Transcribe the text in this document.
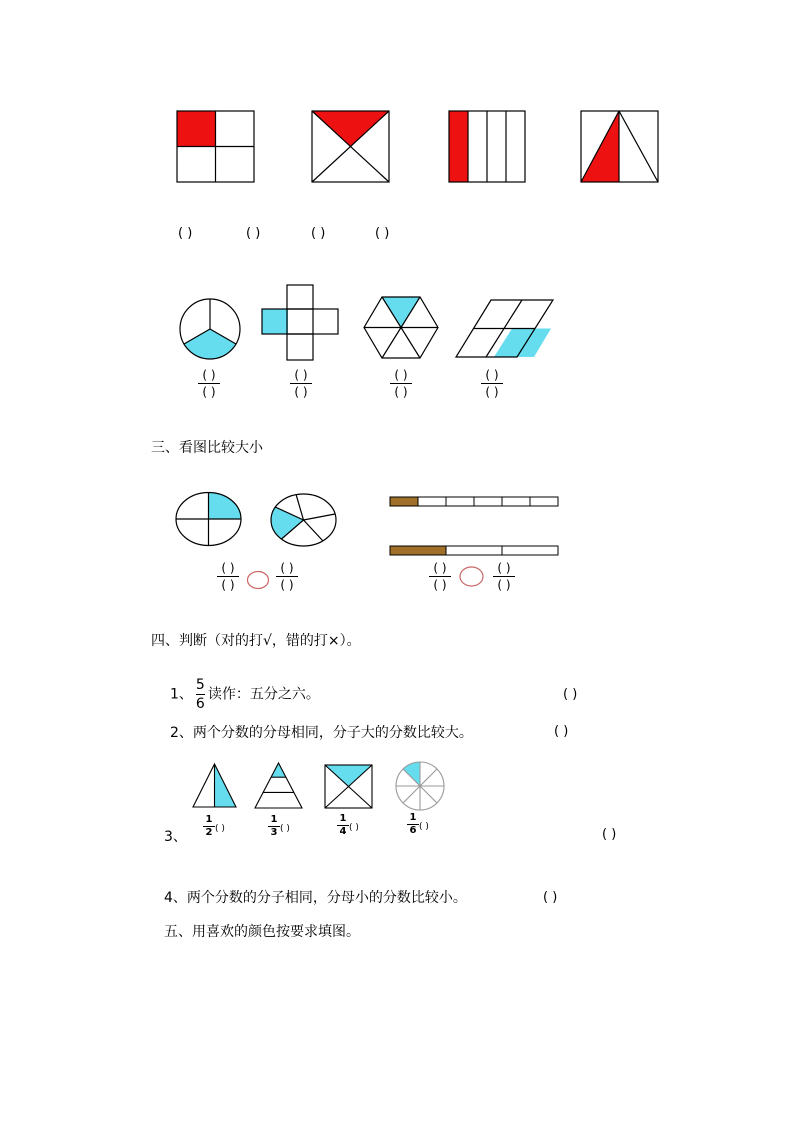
( )	( )	( )	( )
( )
( )
( )
( )
( )
( )
( )
( )
三、看图比较大小
( )
( )
( )
( )
( )
( )
( )
( )
四、判断（对的打√，错的打×）。
1、 $\frac{5}{6}$ 读作：五分之六。	( )
2、两个分数的分母相同，分子大的分数比较大。	( )
3、
1
2 ( )
1
3 ( )
1
4 ( )
1
6 ( )	( )
4、两个分数的分子相同，分母小的分数比较小。	( )
五、用喜欢的颜色按要求填图。
